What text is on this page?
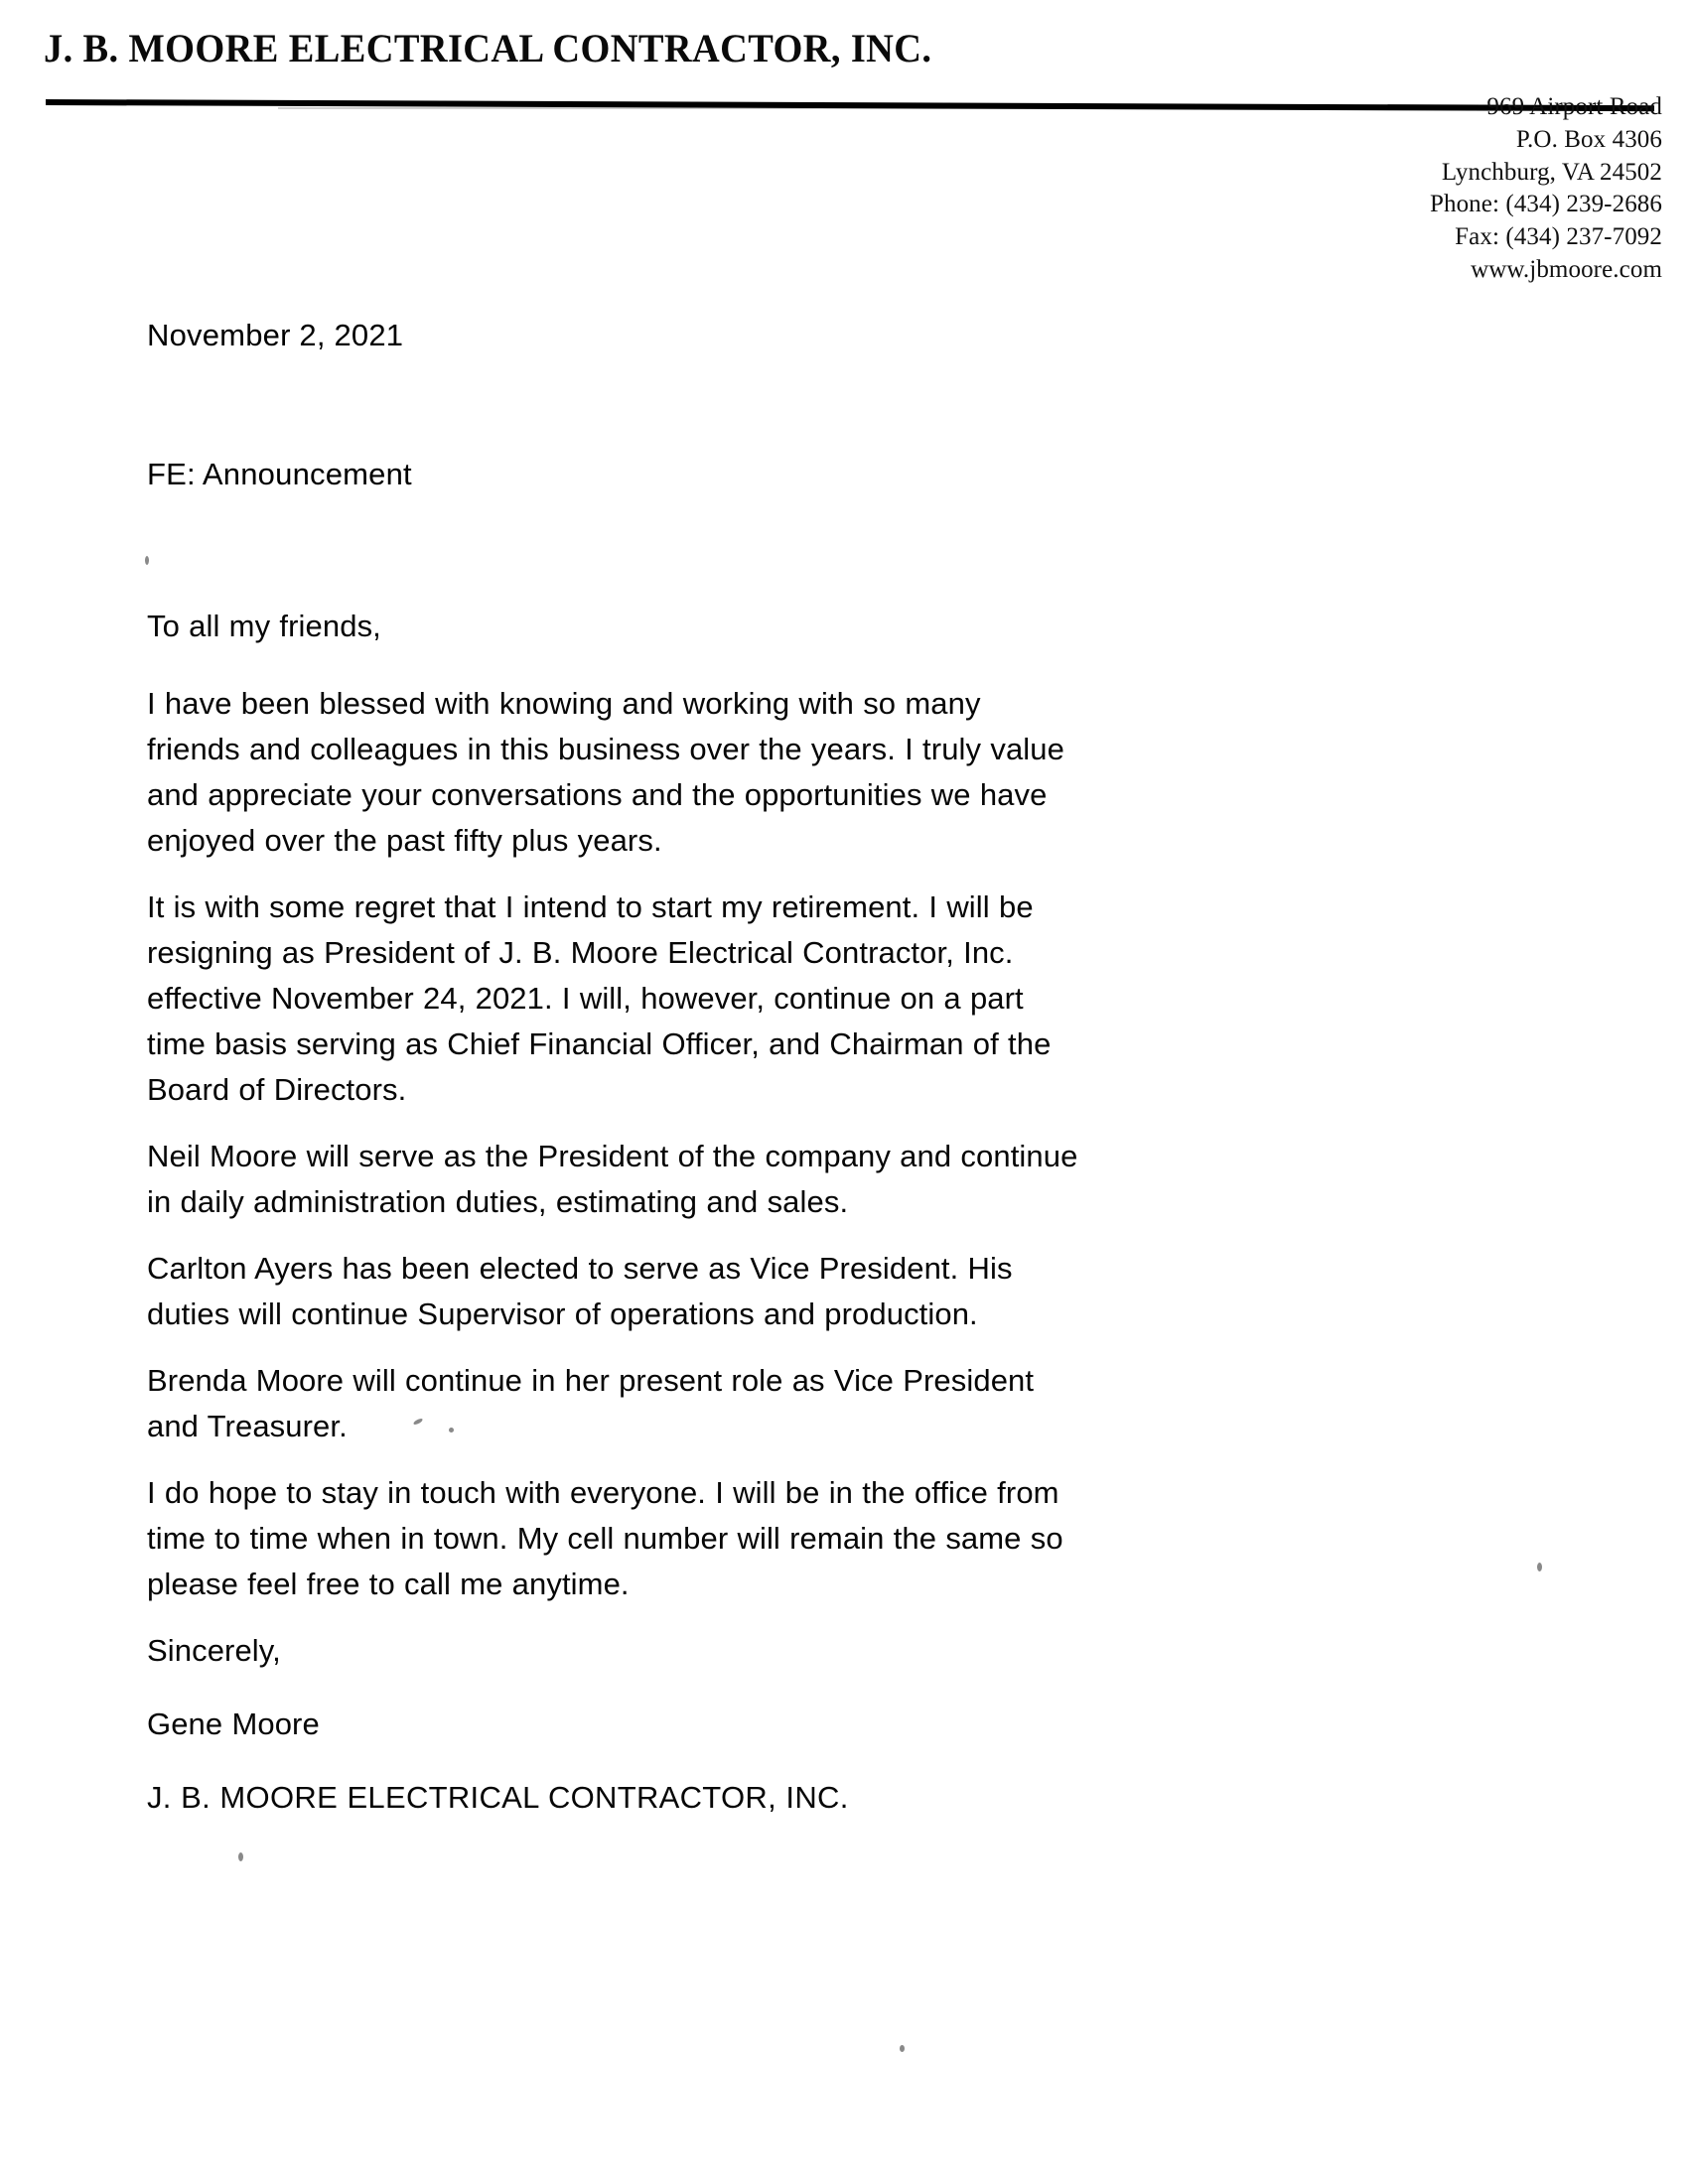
J. B. MOORE ELECTRICAL CONTRACTOR, INC.
969 Airport Road
P.O. Box 4306
Lynchburg, VA 24502
Phone: (434) 239-2686
Fax: (434) 237-7092
www.jbmoore.com
November 2, 2021
FE: Announcement

To all my friends,

I have been blessed with knowing and working with so many friends and colleagues in this business over the years. I truly value and appreciate your conversations and the opportunities we have enjoyed over the past fifty plus years.

It is with some regret that I intend to start my retirement. I will be resigning as President of J. B. Moore Electrical Contractor, Inc. effective November 24, 2021. I will, however, continue on a part time basis serving as Chief Financial Officer, and Chairman of the Board of Directors.

Neil Moore will serve as the President of the company and continue in daily administration duties, estimating and sales.

Carlton Ayers has been elected to serve as Vice President. His duties will continue Supervisor of operations and production.

Brenda Moore will continue in her present role as Vice President and Treasurer.

I do hope to stay in touch with everyone. I will be in the office from time to time when in town. My cell number will remain the same so please feel free to call me anytime.

Sincerely,

Gene Moore

J. B. MOORE ELECTRICAL CONTRACTOR, INC.
